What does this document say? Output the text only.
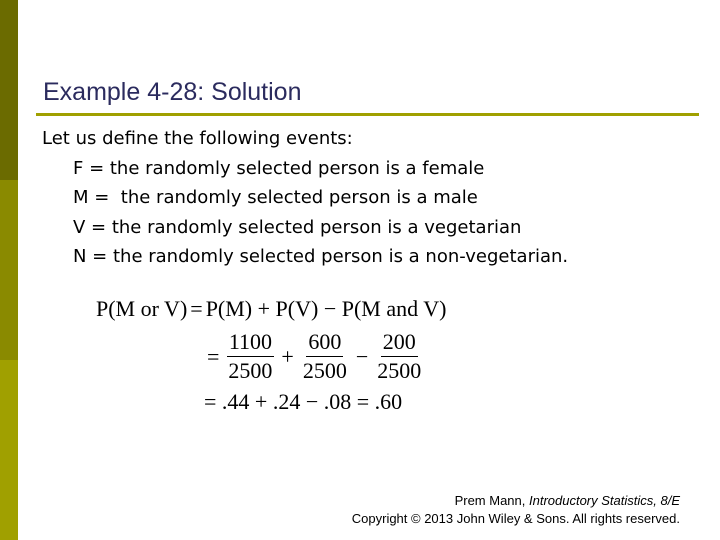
Example 4-28: Solution
Let us define the following events:
F = the randomly selected person is a female
M =  the randomly selected person is a male
V = the randomly selected person is a vegetarian
N = the randomly selected person is a non-vegetarian.
P(M or V) = P(M) + P(V) − P(M and V)
= $\frac{1100}{2500} + \frac{600}{2500} - \frac{200}{2500}$
= .44 + .24 − .08 = .60
Prem Mann, Introductory Statistics, 8/E
Copyright © 2013 John Wiley & Sons. All rights reserved.
